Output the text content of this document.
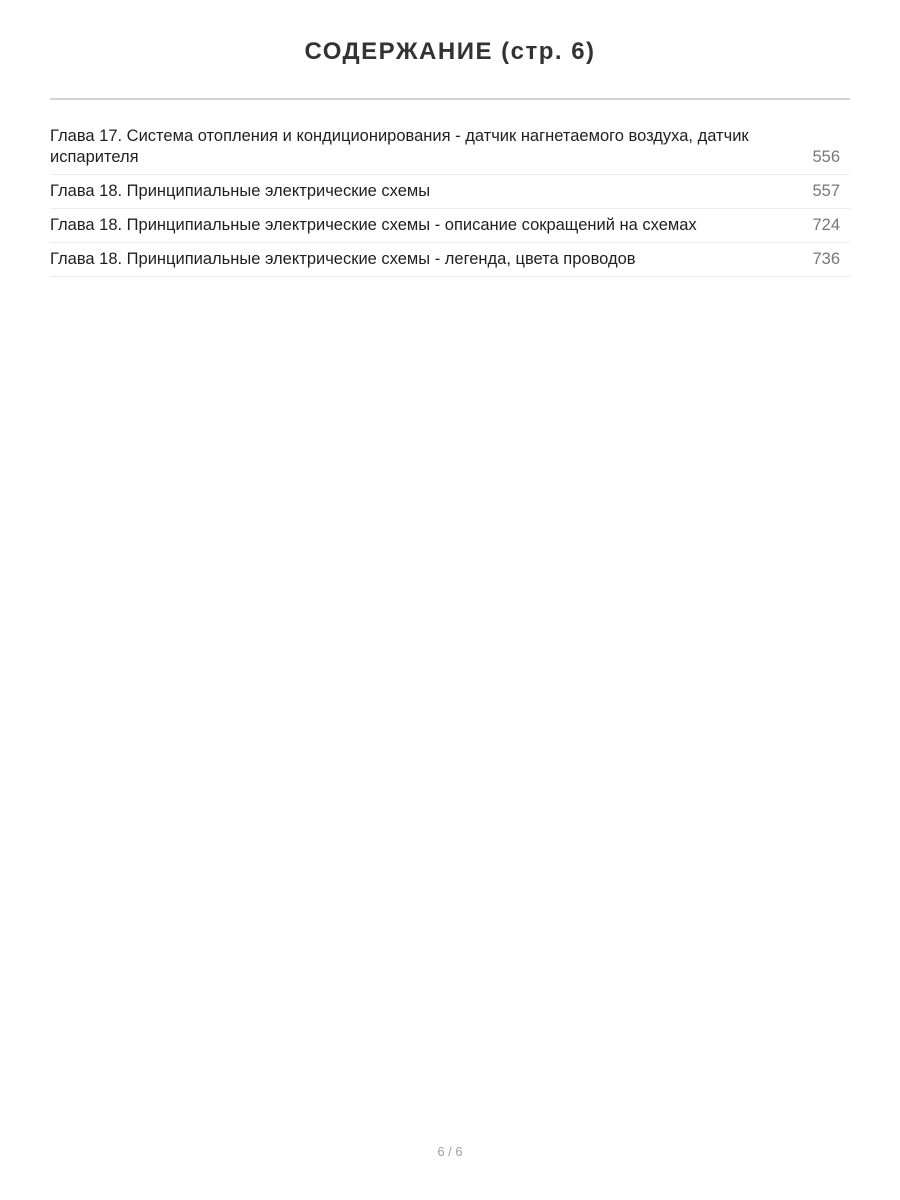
СОДЕРЖАНИЕ (стр. 6)
Глава 17. Система отопления и кондиционирования - датчик нагнетаемого воздуха, датчик испарителя	556
Глава 18. Принципиальные электрические схемы	557
Глава 18. Принципиальные электрические схемы - описание сокращений на схемах	724
Глава 18. Принципиальные электрические схемы - легенда, цвета проводов	736
6 / 6
